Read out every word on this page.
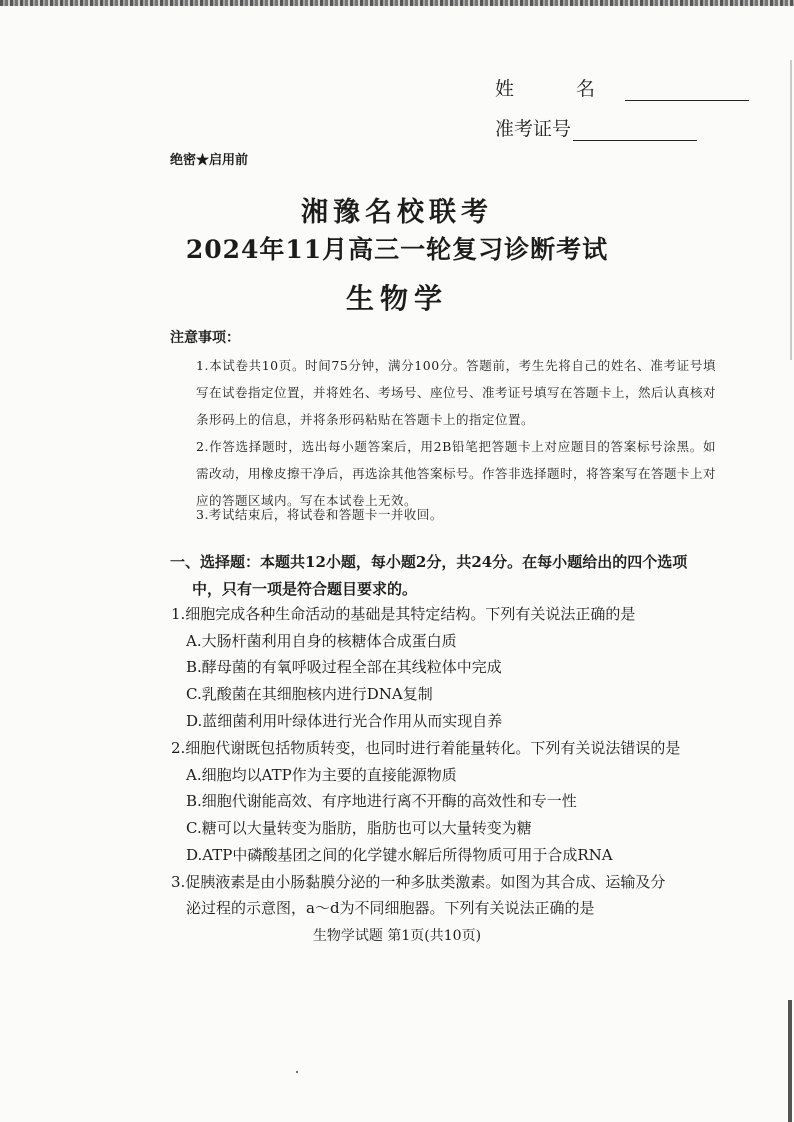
姓 名
准考证号
绝密★启用前
湘豫名校联考
2024年11月高三一轮复习诊断考试
生物学
注意事项：
1.本试卷共10页。时间75分钟，满分100分。答题前，考生先将自己的姓名、准考证号填写在试卷指定位置，并将姓名、考场号、座位号、准考证号填写在答题卡上，然后认真核对条形码上的信息，并将条形码粘贴在答题卡上的指定位置。
2.作答选择题时，选出每小题答案后，用2B铅笔把答题卡上对应题目的答案标号涂黑。如需改动，用橡皮擦干净后，再选涂其他答案标号。作答非选择题时，将答案写在答题卡上对应的答题区域内。写在本试卷上无效。
3.考试结束后，将试卷和答题卡一并收回。
一、选择题：本题共12小题，每小题2分，共24分。在每小题给出的四个选项
中，只有一项是符合题目要求的。
1.细胞完成各种生命活动的基础是其特定结构。下列有关说法正确的是
A.大肠杆菌利用自身的核糖体合成蛋白质
B.酵母菌的有氧呼吸过程全部在其线粒体中完成
C.乳酸菌在其细胞核内进行DNA复制
D.蓝细菌利用叶绿体进行光合作用从而实现自养
2.细胞代谢既包括物质转变，也同时进行着能量转化。下列有关说法错误的是
A.细胞均以ATP作为主要的直接能源物质
B.细胞代谢能高效、有序地进行离不开酶的高效性和专一性
C.糖可以大量转变为脂肪，脂肪也可以大量转变为糖
D.ATP中磷酸基团之间的化学键水解后所得物质可用于合成RNA
3.促胰液素是由小肠黏膜分泌的一种多肽类激素。如图为其合成、运输及分
泌过程的示意图，a～d为不同细胞器。下列有关说法正确的是
生物学试题 第1页(共10页)
